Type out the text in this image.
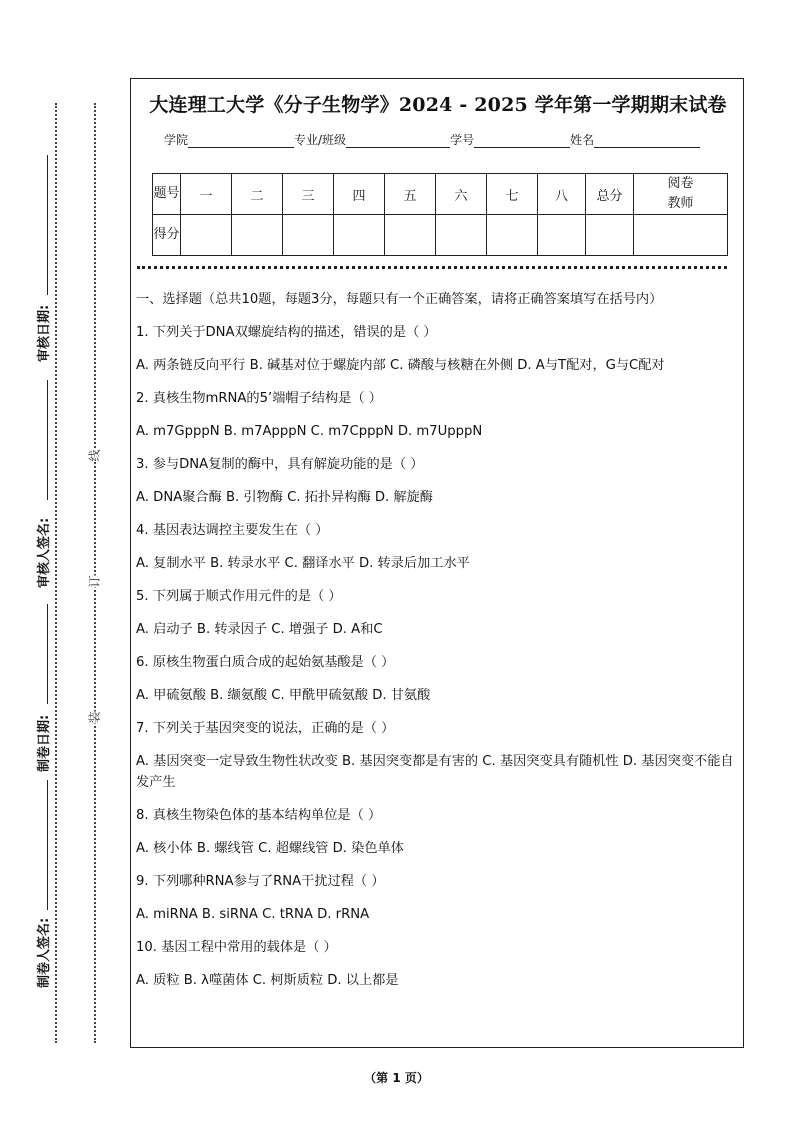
审核日期:
审核人签名:
制卷日期:
制卷人签名:
线
订
装
大连理工大学《分子生物学》2024 - 2025 学年第一学期期末试卷
学院	专业/班级	学号	姓名
题号	一	二	三	四	五	六	七	八	总分	阅卷教师
得分										

一、选择题（总共10题，每题3分，每题只有一个正确答案，请将正确答案填写在括号内）

1. 下列关于DNA双螺旋结构的描述，错误的是（ ）

A. 两条链反向平行 B. 碱基对位于螺旋内部 C. 磷酸与核糖在外侧 D. A与T配对，G与C配对

2. 真核生物mRNA的5’端帽子结构是（ ）

A. m7GpppN B. m7ApppN C. m7CpppN D. m7UpppN

3. 参与DNA复制的酶中，具有解旋功能的是（ ）

A. DNA聚合酶 B. 引物酶 C. 拓扑异构酶 D. 解旋酶

4. 基因表达调控主要发生在（ ）

A. 复制水平 B. 转录水平 C. 翻译水平 D. 转录后加工水平

5. 下列属于顺式作用元件的是（ ）

A. 启动子 B. 转录因子 C. 增强子 D. A和C

6. 原核生物蛋白质合成的起始氨基酸是（ ）

A. 甲硫氨酸 B. 缬氨酸 C. 甲酰甲硫氨酸 D. 甘氨酸

7. 下列关于基因突变的说法，正确的是（ ）

A. 基因突变一定导致生物性状改变 B. 基因突变都是有害的 C. 基因突变具有随机性 D. 基因突变不能自发产生

8. 真核生物染色体的基本结构单位是（ ）

A. 核小体 B. 螺线管 C. 超螺线管 D. 染色单体

9. 下列哪种RNA参与了RNA干扰过程（ ）

A. miRNA B. siRNA C. tRNA D. rRNA

10. 基因工程中常用的载体是（ ）

A. 质粒 B. λ噬菌体 C. 柯斯质粒 D. 以上都是

（第 1 页）
